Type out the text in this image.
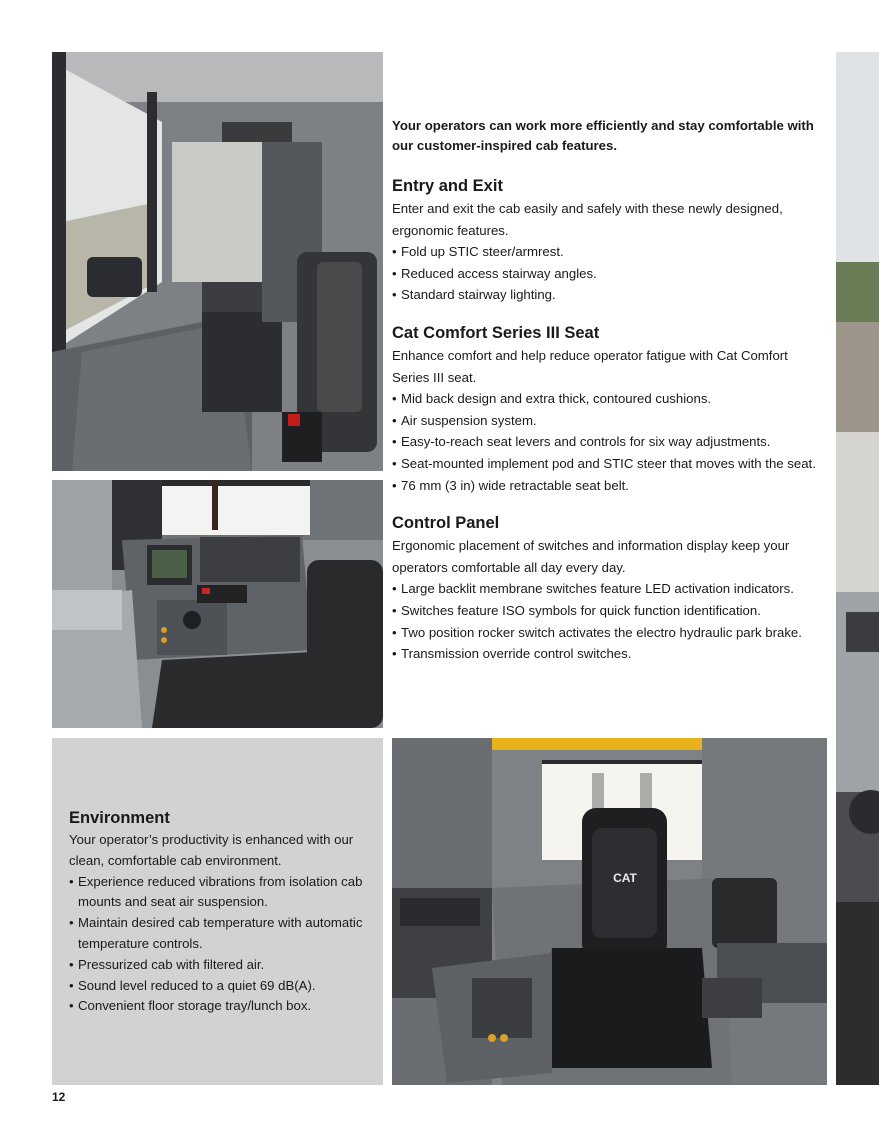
CAT

Your operators can work more efficiently and stay comfortable with our customer-inspired cab features.

Entry and Exit

Enter and exit the cab easily and safely with these newly designed, ergonomic features.

• Fold up STIC steer/armrest.
• Reduced access stairway angles.
• Standard stairway lighting.
Cat Comfort Series III Seat

Enhance comfort and help reduce operator fatigue with Cat Comfort Series III seat.

• Mid back design and extra thick, contoured cushions.
• Air suspension system.
• Easy-to-reach seat levers and controls for six way adjustments.
• Seat-mounted implement pod and STIC steer that moves with the seat.
• 76 mm (3 in) wide retractable seat belt.
Control Panel

Ergonomic placement of switches and information display keep your operators comfortable all day every day.

• Large backlit membrane switches feature LED activation indicators.
• Switches feature ISO symbols for quick function identification.
• Two position rocker switch activates the electro hydraulic park brake.
• Transmission override control switches.
Environment

Your operator’s productivity is enhanced with our clean, comfortable cab environment.

• Experience reduced vibrations from isolation cab mounts and seat air suspension.
• Maintain desired cab temperature with automatic temperature controls.
• Pressurized cab with filtered air.
• Sound level reduced to a quiet 69 dB(A).
• Convenient floor storage tray/lunch box.
12
